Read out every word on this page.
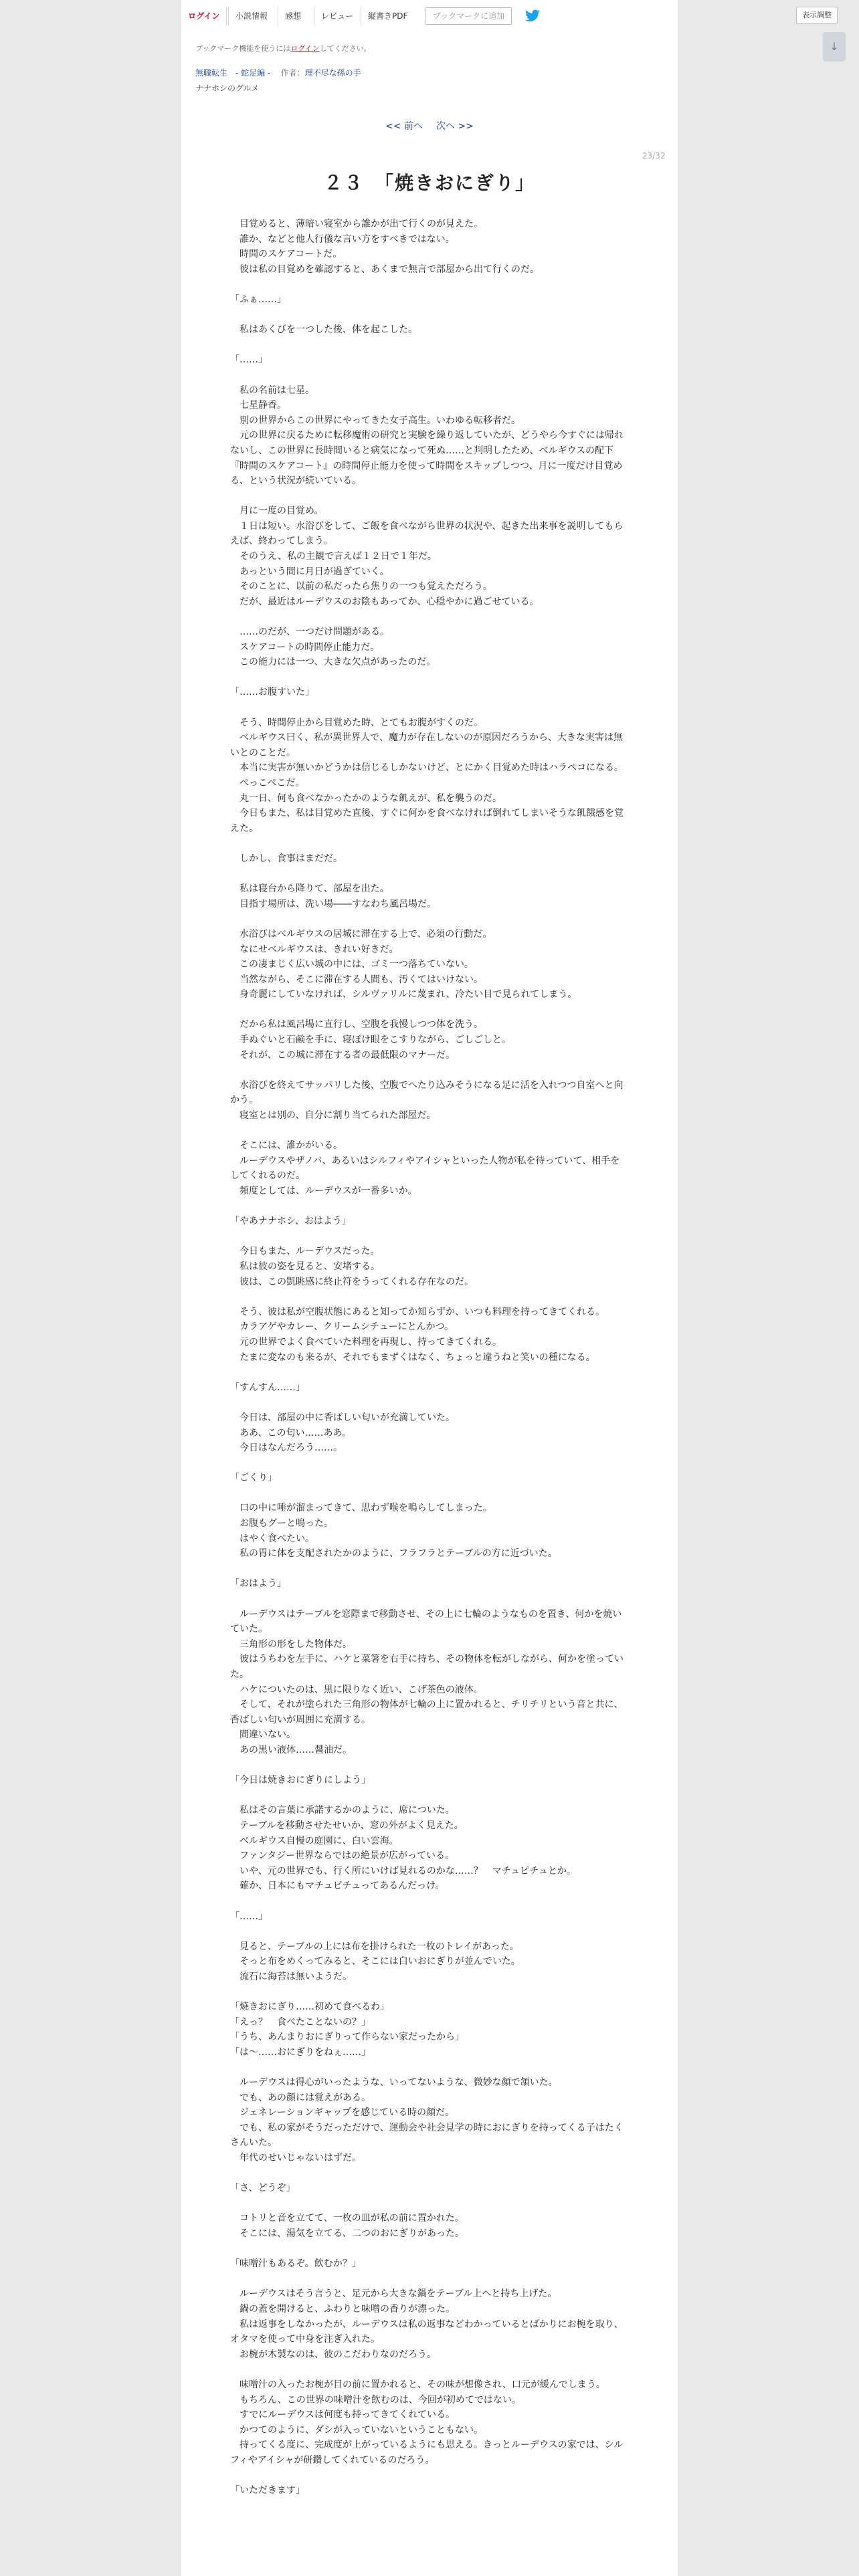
ログイン	小説情報	感想	レビュー	縦書きPDF	ブックマークに追加	表示調整
↓
ブックマーク機能を使うにはログインしてください。
無職転生　- 蛇足編 - 作者：理不尽な孫の手
ナナホシのグルメ
<< 前へ 次へ >>
23/32
２３　「焼きおにぎり」

　目覚めると、薄暗い寝室から誰かが出て行くのが見えた。

　誰か、などと他人行儀な言い方をすべきではない。

　時間のスケアコートだ。

　彼は私の目覚めを確認すると、あくまで無言で部屋から出て行くのだ。

「ふぁ……」

　私はあくびを一つした後、体を起こした。

「……」

　私の名前は七星。

　七星静香。

　別の世界からこの世界にやってきた女子高生。いわゆる転移者だ。

　元の世界に戻るために転移魔術の研究と実験を繰り返していたが、どうやら今すぐには帰れないし、この世界に長時間いると病気になって死ぬ……と判明したため、ベルギウスの配下『時間のスケアコート』の時間停止能力を使って時間をスキップしつつ、月に一度だけ目覚める、という状況が続いている。

　月に一度の目覚め。

　１日は短い。水浴びをして、ご飯を食べながら世界の状況や、起きた出来事を説明してもらえば、終わってしまう。

　そのうえ、私の主観で言えば１２日で１年だ。

　あっという間に月日が過ぎていく。

　そのことに、以前の私だったら焦りの一つも覚えただろう。

　だが、最近はルーデウスのお陰もあってか、心穏やかに過ごせている。

　……のだが、一つだけ問題がある。

　スケアコートの時間停止能力だ。

　この能力には一つ、大きな欠点があったのだ。

「……お腹すいた」

　そう、時間停止から目覚めた時、とてもお腹がすくのだ。

　ベルギウス曰く、私が異世界人で、魔力が存在しないのが原因だろうから、大きな実害は無いとのことだ。

　本当に実害が無いかどうかは信じるしかないけど、とにかく目覚めた時はハラペコになる。

　ぺっこぺこだ。

　丸一日、何も食べなかったかのような飢えが、私を襲うのだ。

　今日もまた、私は目覚めた直後、すぐに何かを食べなければ倒れてしまいそうな飢餓感を覚えた。

　しかし、食事はまだだ。

　私は寝台から降りて、部屋を出た。

　目指す場所は、洗い場――すなわち風呂場だ。

　水浴びはベルギウスの居城に滞在する上で、必須の行動だ。

　なにせベルギウスは、きれい好きだ。

　この凄まじく広い城の中には、ゴミ一つ落ちていない。

　当然ながら、そこに滞在する人間も、汚くてはいけない。

　身奇麗にしていなければ、シルヴァリルに蔑まれ、冷たい目で見られてしまう。

　だから私は風呂場に直行し、空腹を我慢しつつ体を洗う。

　手ぬぐいと石鹸を手に、寝ぼけ眼をこすりながら、ごしごしと。

　それが、この城に滞在する者の最低限のマナーだ。

　水浴びを終えてサッパリした後、空腹でへたり込みそうになる足に活を入れつつ自室へと向かう。

　寝室とは別の、自分に割り当てられた部屋だ。

　そこには、誰かがいる。

　ルーデウスやザノバ、あるいはシルフィやアイシャといった人物が私を待っていて、相手をしてくれるのだ。

　頻度としては、ルーデウスが一番多いか。

「やあナナホシ、おはよう」

　今日もまた、ルーデウスだった。

　私は彼の姿を見ると、安堵する。

　彼は、この凱眺感に終止符をうってくれる存在なのだ。

　そう、彼は私が空腹状態にあると知ってか知らずか、いつも料理を持ってきてくれる。

　カラアゲやカレー、クリームシチューにとんかつ。

　元の世界でよく食べていた料理を再現し、持ってきてくれる。

　たまに変なのも来るが、それでもまずくはなく、ちょっと違うねと笑いの種になる。

「すんすん……」

　今日は、部屋の中に香ばしい匂いが充満していた。

　ああ、この匂い……ああ。

　今日はなんだろう……。

「ごくり」

　口の中に唾が溜まってきて、思わず喉を鳴らしてしまった。

　お腹もグーと鳴った。

　はやく食べたい。

　私の胃に体を支配されたかのように、フラフラとテーブルの方に近づいた。

「おはよう」

　ルーデウスはテーブルを窓際まで移動させ、その上に七輪のようなものを置き、何かを焼いていた。

　三角形の形をした物体だ。

　彼はうちわを左手に、ハケと菜箸を右手に持ち、その物体を転がしながら、何かを塗っていた。

　ハケについたのは、黒に限りなく近い、こげ茶色の液体。

　そして、それが塗られた三角形の物体が七輪の上に置かれると、チリチリという音と共に、香ばしい匂いが周囲に充満する。

　間違いない。

　あの黒い液体……醤油だ。

「今日は焼きおにぎりにしよう」

　私はその言葉に承諾するかのように、席についた。

　テーブルを移動させたせいか、窓の外がよく見えた。

　ベルギウス自慢の庭園に、白い雲海。

　ファンタジー世界ならではの絶景が広がっている。

　いや、元の世界でも、行く所にいけば見れるのかな……？　マチュピチュとか。

　確か、日本にもマチュピチュってあるんだっけ。

「……」

　見ると、テーブルの上には布を掛けられた一枚のトレイがあった。

　そっと布をめくってみると、そこには白いおにぎりが並んでいた。

　流石に海苔は無いようだ。

「焼きおにぎり……初めて食べるわ」

「えっ？　食べたことないの？」

「うち、あんまりおにぎりって作らない家だったから」

「は～……おにぎりをねぇ……」

　ルーデウスは得心がいったような、いってないような、微妙な顔で頷いた。

　でも、あの顔には覚えがある。

　ジェネレーションギャップを感じている時の顔だ。

　でも、私の家がそうだっただけで、運動会や社会見学の時におにぎりを持ってくる子はたくさんいた。

　年代のせいじゃないはずだ。

「さ、どうぞ」

　コトリと音を立てて、一枚の皿が私の前に置かれた。

　そこには、湯気を立てる、二つのおにぎりがあった。

「味噌汁もあるぞ。飲むか？」

　ルーデウスはそう言うと、足元から大きな鍋をテーブル上へと持ち上げた。

　鍋の蓋を開けると、ふわりと味噌の香りが漂った。

　私は返事をしなかったが、ルーデウスは私の返事などわかっているとばかりにお椀を取り、オタマを使って中身を注ぎ入れた。

　お椀が木製なのは、彼のこだわりなのだろう。

　味噌汁の入ったお椀が目の前に置かれると、その味が想像され、口元が緩んでしまう。

　もちろん、この世界の味噌汁を飲むのは、今回が初めてではない。

　すでにルーデウスは何度も持ってきてくれている。

　かつてのように、ダシが入っていないということもない。

　持ってくる度に、完成度が上がっているようにも思える。きっとルーデウスの家では、シルフィやアイシャが研鑽してくれているのだろう。

「いただきます」
